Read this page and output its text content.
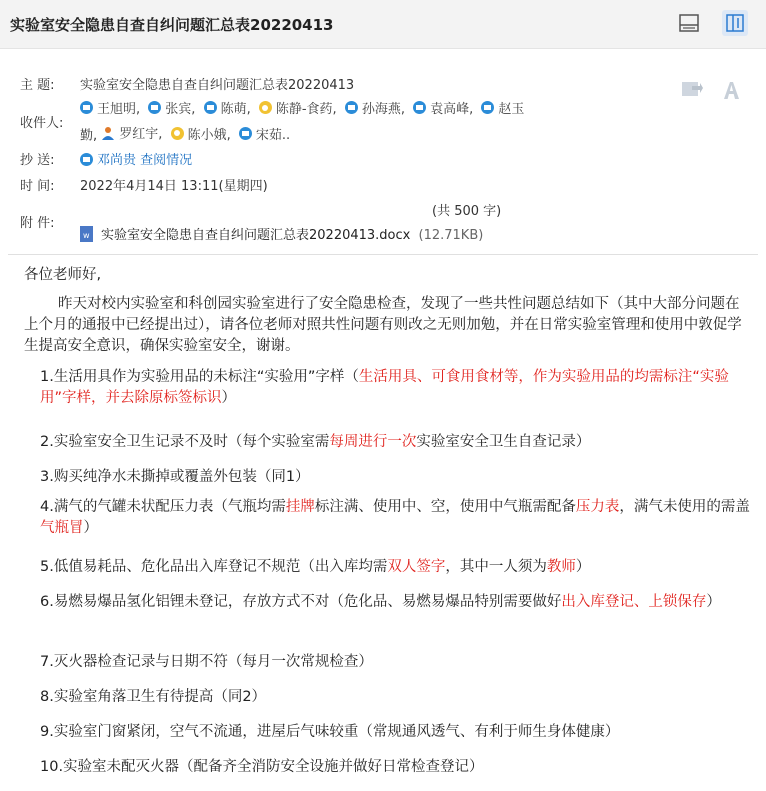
实验室安全隐患自查自纠问题汇总表20220413
主 题:	实验室安全隐患自查自纠问题汇总表20220413
收件人:
王旭明,
张宾,
陈萌,
陈静-食药,
孙海燕,
袁高峰,
赵玉
勤, 罗红宇,
陈小娥,
宋茹..
抄 送:	邓尚贵 查阅情况
时 间:	2022年4月14日 13:11(星期四)
附 件:
(共 500 字)
w实验室安全隐患自查自纠问题汇总表20220413.docx (12.71KB)

各位老师好,

昨天对校内实验室和科创园实验室进行了安全隐患检查，发现了一些共性问题总结如下（其中大部分问题在上个月的通报中已经提出过），请各位老师对照共性问题有则改之无则加勉，并在日常实验室管理和使用中敦促学生提高安全意识，确保实验室安全，谢谢。

1.生活用具作为实验用品的未标注“实验用”字样（生活用具、可食用食材等，作为实验用品的均需标注“实验用”字样，并去除原标签标识）
2.实验室安全卫生记录不及时（每个实验室需每周进行一次实验室安全卫生自查记录）
3.购买纯净水未撕掉或覆盖外包装（同1）
4.满气的气罐未状配压力表（气瓶均需挂牌标注满、使用中、空，使用中气瓶需配备压力表，满气未使用的需盖气瓶冒）
5.低值易耗品、危化品出入库登记不规范（出入库均需双人签字，其中一人须为教师）
6.易燃易爆品氢化铝锂未登记，存放方式不对（危化品、易燃易爆品特别需要做好出入库登记、上锁保存）
7.灭火器检查记录与日期不符（每月一次常规检查）
8.实验室角落卫生有待提高（同2）
9.实验室门窗紧闭，空气不流通，进屋后气味较重（常规通风透气、有利于师生身体健康）
10.实验室未配灭火器（配备齐全消防安全设施并做好日常检查登记）
